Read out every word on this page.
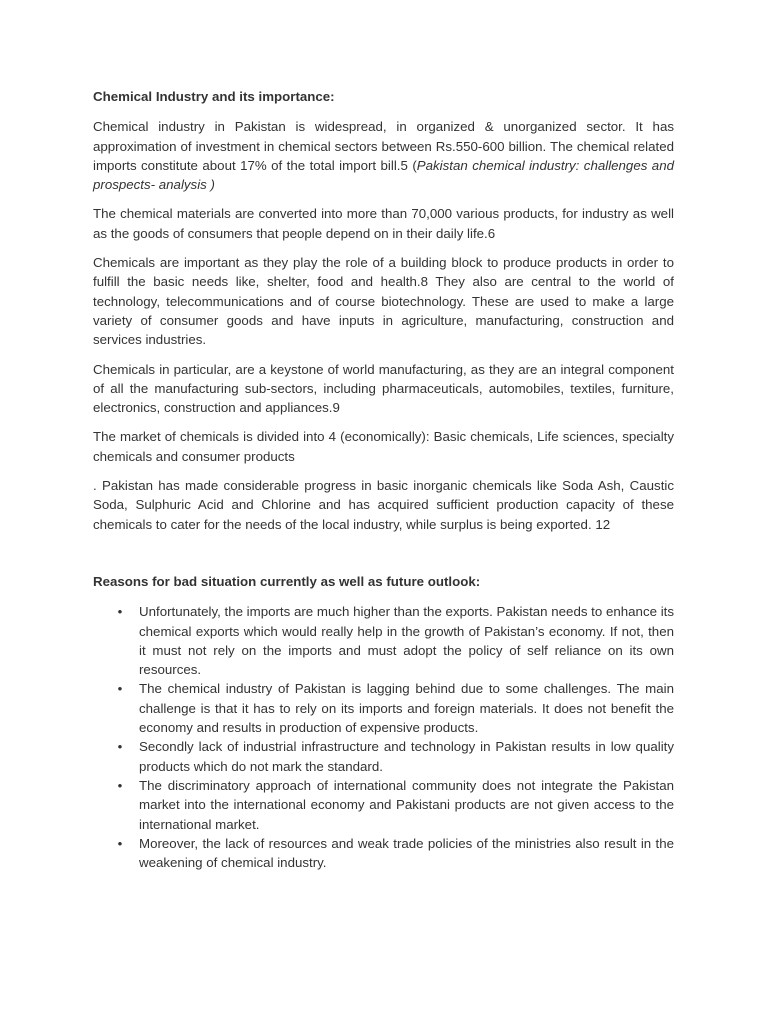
Chemical Industry and its importance:

Chemical industry in Pakistan is widespread, in organized & unorganized sector. It has approximation of investment in chemical sectors between Rs.550-600 billion. The chemical related imports constitute about 17% of the total import bill.5 (Pakistan chemical industry: challenges and prospects- analysis )

The chemical materials are converted into more than 70,000 various products, for industry as well as the goods of consumers that people depend on in their daily life.6

Chemicals are important as they play the role of a building block to produce products in order to fulfill the basic needs like, shelter, food and health.8 They also are central to the world of technology, telecommunications and of course biotechnology. These are used to make a large variety of consumer goods and have inputs in agriculture, manufacturing, construction and services industries.

Chemicals in particular, are a keystone of world manufacturing, as they are an integral component of all the manufacturing sub-sectors, including pharmaceuticals, automobiles, textiles, furniture, electronics, construction and appliances.9

The market of chemicals is divided into 4 (economically): Basic chemicals, Life sciences, specialty chemicals and consumer products

. Pakistan has made considerable progress in basic inorganic chemicals like Soda Ash, Caustic Soda, Sulphuric Acid and Chlorine and has acquired sufficient production capacity of these chemicals to cater for the needs of the local industry, while surplus is being exported. 12

Reasons for bad situation currently as well as future outlook:
• Unfortunately, the imports are much higher than the exports. Pakistan needs to enhance its chemical exports which would really help in the growth of Pakistan’s economy. If not, then it must not rely on the imports and must adopt the policy of self reliance on its own resources.
• The chemical industry of Pakistan is lagging behind due to some challenges. The main challenge is that it has to rely on its imports and foreign materials. It does not benefit the economy and results in production of expensive products.
• Secondly lack of industrial infrastructure and technology in Pakistan results in low quality products which do not mark the standard.
• The discriminatory approach of international community does not integrate the Pakistan market into the international economy and Pakistani products are not given access to the international market.
• Moreover, the lack of resources and weak trade policies of the ministries also result in the weakening of chemical industry.
